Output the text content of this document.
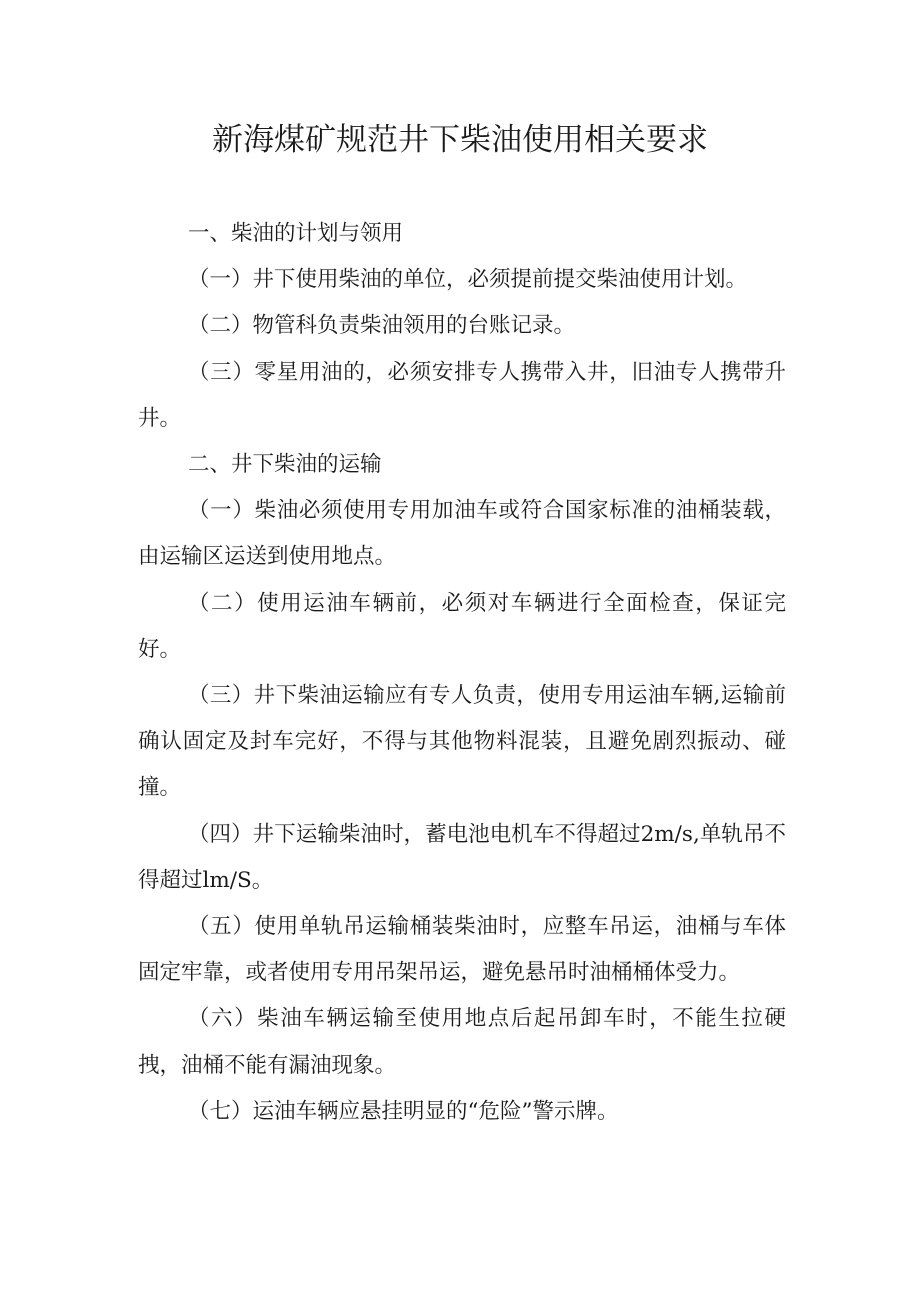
新海煤矿规范井下柴油使用相关要求

一、柴油的计划与领用

（一）井下使用柴油的单位，必须提前提交柴油使用计划。

（二）物管科负责柴油领用的台账记录。

（三）零星用油的，必须安排专人携带入井，旧油专人携带升井。

二、井下柴油的运输

（一）柴油必须使用专用加油车或符合国家标准的油桶装载，由运输区运送到使用地点。

（二）使用运油车辆前，必须对车辆进行全面检查，保证完好。

（三）井下柴油运输应有专人负责，使用专用运油车辆,运输前确认固定及封车完好，不得与其他物料混装，且避免剧烈振动、碰撞。

（四）井下运输柴油时，蓄电池电机车不得超过2m∕s,单轨吊不得超过lm/S。

（五）使用单轨吊运输桶装柴油时，应整车吊运，油桶与车体固定牢靠，或者使用专用吊架吊运，避免悬吊时油桶桶体受力。

（六）柴油车辆运输至使用地点后起吊卸车时，不能生拉硬拽，油桶不能有漏油现象。

（七）运油车辆应悬挂明显的“危险”警示牌。
